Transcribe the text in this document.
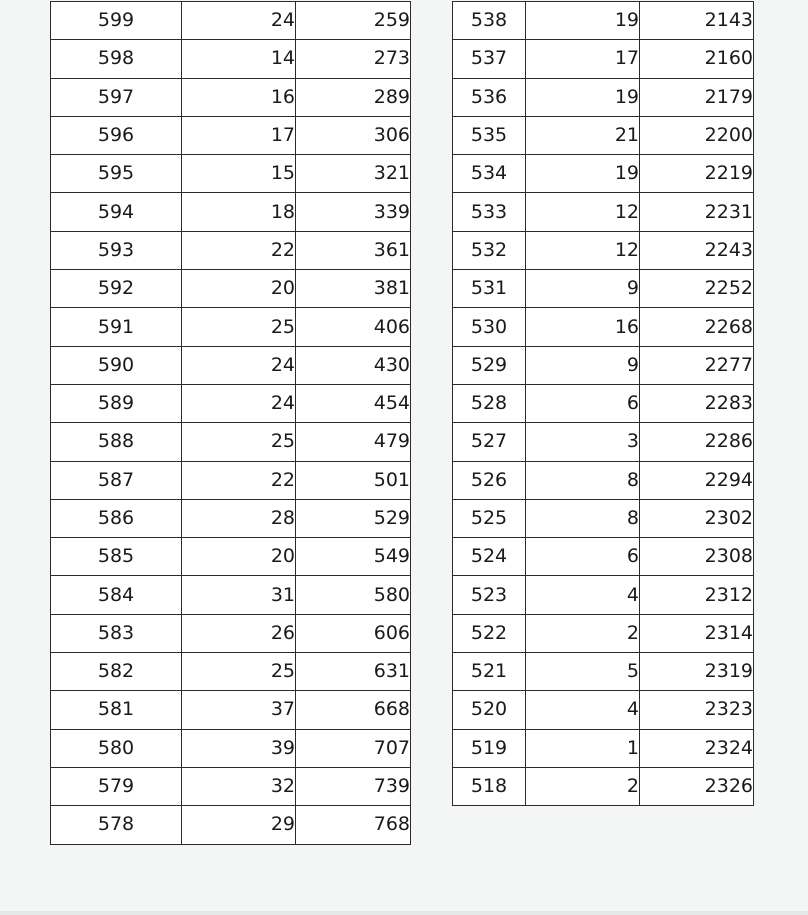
599	24	259
598	14	273
597	16	289
596	17	306
595	15	321
594	18	339
593	22	361
592	20	381
591	25	406
590	24	430
589	24	454
588	25	479
587	22	501
586	28	529
585	20	549
584	31	580
583	26	606
582	25	631
581	37	668
580	39	707
579	32	739
578	29	768
538	19	2143
537	17	2160
536	19	2179
535	21	2200
534	19	2219
533	12	2231
532	12	2243
531	9	2252
530	16	2268
529	9	2277
528	6	2283
527	3	2286
526	8	2294
525	8	2302
524	6	2308
523	4	2312
522	2	2314
521	5	2319
520	4	2323
519	1	2324
518	2	2326
